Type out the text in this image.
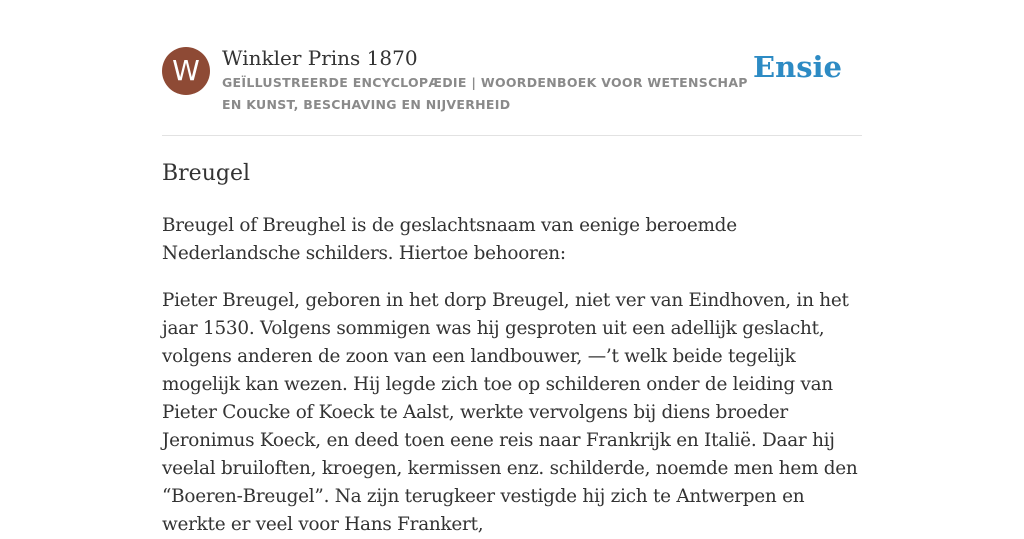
W	Winkler Prins 1870
GEÏLLUSTREERDE ENCYCLOPÆDIE | WOORDENBOEK VOOR WETENSCHAP EN KUNST, BESCHAVING EN NIJVERHEID
Ensie
Breugel

Breugel of Breughel is de geslachtsnaam van eenige beroemde Nederlandsche schilders. Hiertoe behooren:

Pieter Breugel, geboren in het dorp Breugel, niet ver van Eindhoven, in het jaar 1530. Volgens sommigen was hij gesproten uit een adellijk geslacht, volgens anderen de zoon van een landbouwer, —’t welk beide tegelijk mogelijk kan wezen. Hij legde zich toe op schilderen onder de leiding van Pieter Coucke of Koeck te Aalst, werkte vervolgens bij diens broeder Jeronimus Koeck, en deed toen eene reis naar Frankrijk en Italië. Daar hij veelal bruiloften, kroegen, kermissen enz. schilderde, noemde men hem den “Boeren-Breugel”. Na zijn terugkeer vestigde hij zich te Antwerpen en werkte er veel voor Hans Frankert,
